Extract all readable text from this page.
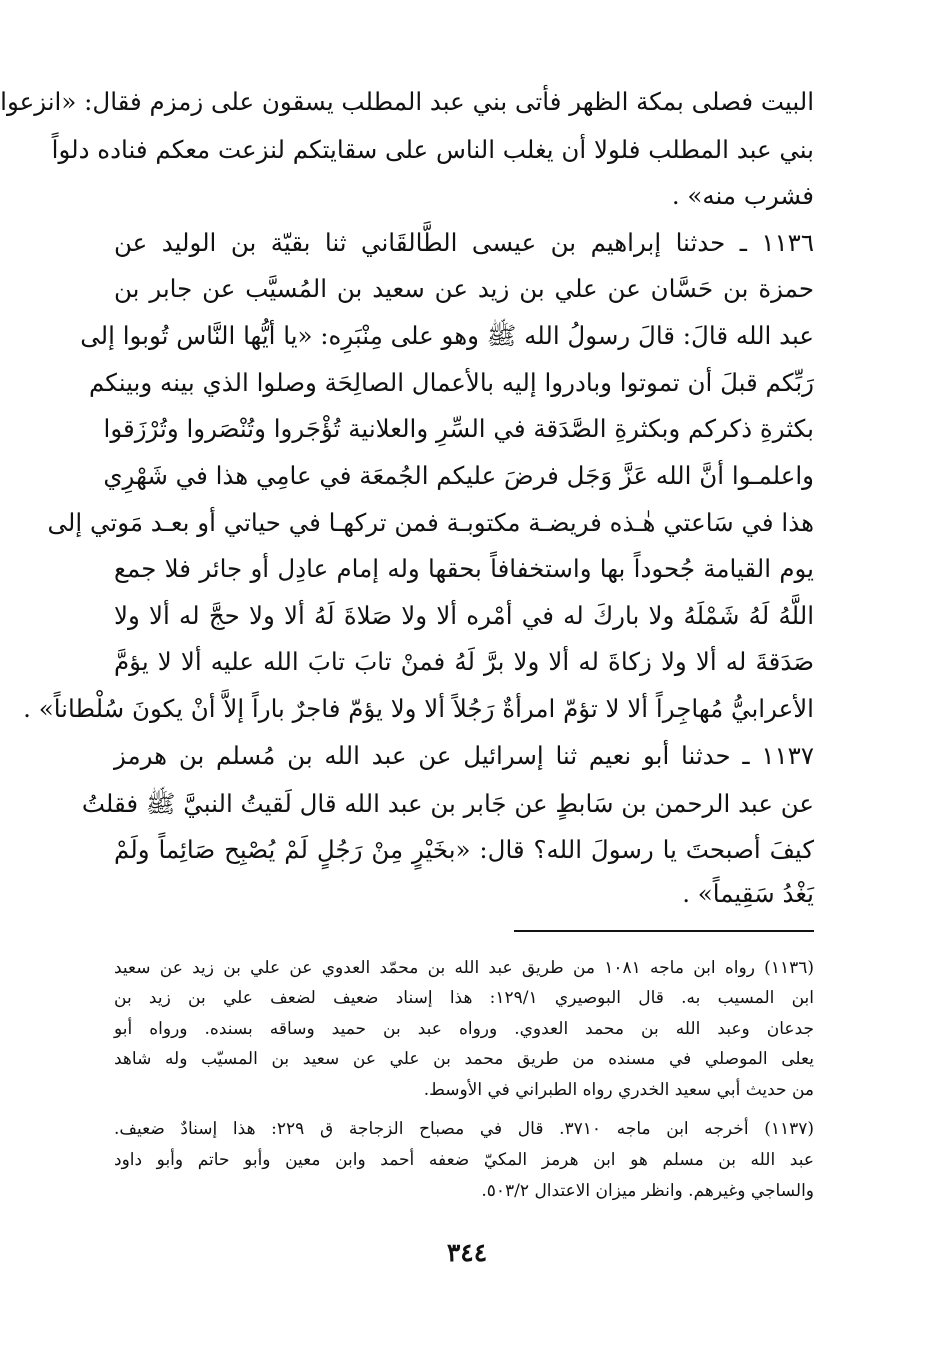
البيت فصلى بمكة الظهر فأتى بني عبد المطلب يسقون على زمزم فقال: «انزعوا
بني عبد المطلب فلولا أن يغلب الناس على سقايتكم لنزعت معكم فناده دلواً
فشرب منه» .
١١٣٦ ـ حدثنا إبراهيم بن عيسى الطَّالقَاني ثنا بقيّة بن الوليد عن
حمزة بن حَسَّان عن علي بن زيد عن سعيد بن المُسيَّب عن جابر بن
عبد الله قالَ: قالَ رسولُ الله ﷺ وهو على مِنْبَرِه: «يا أيُّها النَّاس تُوبوا إلى
رَبِّكم قبلَ أن تموتوا وبادروا إليه بالأعمال الصالِحَة وصلوا الذي بينه وبينكم
بكثرةِ ذكركم وبكثرةِ الصَّدَقة في السِّرِ والعلانية تُؤْجَروا وتُنْصَروا وتُرْزَقوا
واعلمـوا أنَّ الله عَزَّ وَجَل فرضَ عليكم الجُمعَة في عامِي هذا في شَهْرِي
هذا في سَاعتي هٰـذه فريضـة مكتوبـة فمن تركهـا في حياتي أو بعـد مَوتي إلى
يوم القيامة جُحوداً بها واستخفافاً بحقها وله إمام عادِل أو جائر فلا جمع
اللَّهُ لَهُ شَمْلَهُ ولا باركَ له في أمْره ألا ولا صَلاةَ لَهُ ألا ولا حجَّ له ألا ولا
صَدَقةَ له ألا ولا زكاةَ له ألا ولا برَّ لَهُ فمنْ تابَ تابَ الله عليه ألا لا يؤمَّ
الأعرابيُّ مُهاجِراً ألا لا تؤمّ امرأةٌ رَجُلاً ألا ولا يؤمّ فاجرٌ باراً إلاَّ أنْ يكونَ سُلْطاناً» .
١١٣٧ ـ حدثنا أبو نعيم ثنا إسرائيل عن عبد الله بن مُسلم بن هرمز
عن عبد الرحمن بن سَابطٍ عن جَابر بن عبد الله قال لَقيتُ النبيَّ ﷺ فقلتُ
كيفَ أصبحتَ يا رسولَ الله؟ قال: «بخَيْرٍ مِنْ رَجُلٍ لَمْ يُصْبِح صَائِماً ولَمْ
يَغْدُ سَقِيماً» .
(١١٣٦) رواه ابن ماجه ١٠٨١ من طريق عبد الله بن محمّد العدوي عن علي بن زيد عن سعيد
ابن المسيب به. قال البوصيري ١٢٩/١: هذا إسناد ضعيف لضعف علي بن زيد بن
جدعان وعبد الله بن محمد العدوي. ورواه عبد بن حميد وساقه بسنده. ورواه أبو
يعلى الموصلي في مسنده من طريق محمد بن علي عن سعيد بن المسيّب وله شاهد
من حديث أبي سعيد الخدري رواه الطبراني في الأوسط.
(١١٣٧) أخرجه ابن ماجه ٣٧١٠. قال في مصباح الزجاجة ق ٢٢٩: هذا إسنادٌ ضعيف.
عبد الله بن مسلم هو ابن هرمز المكيّ ضعفه أحمد وابن معين وأبو حاتم وأبو داود
والساجي وغيرهم. وانظر ميزان الاعتدال ٥٠٣/٢.
٣٤٤
